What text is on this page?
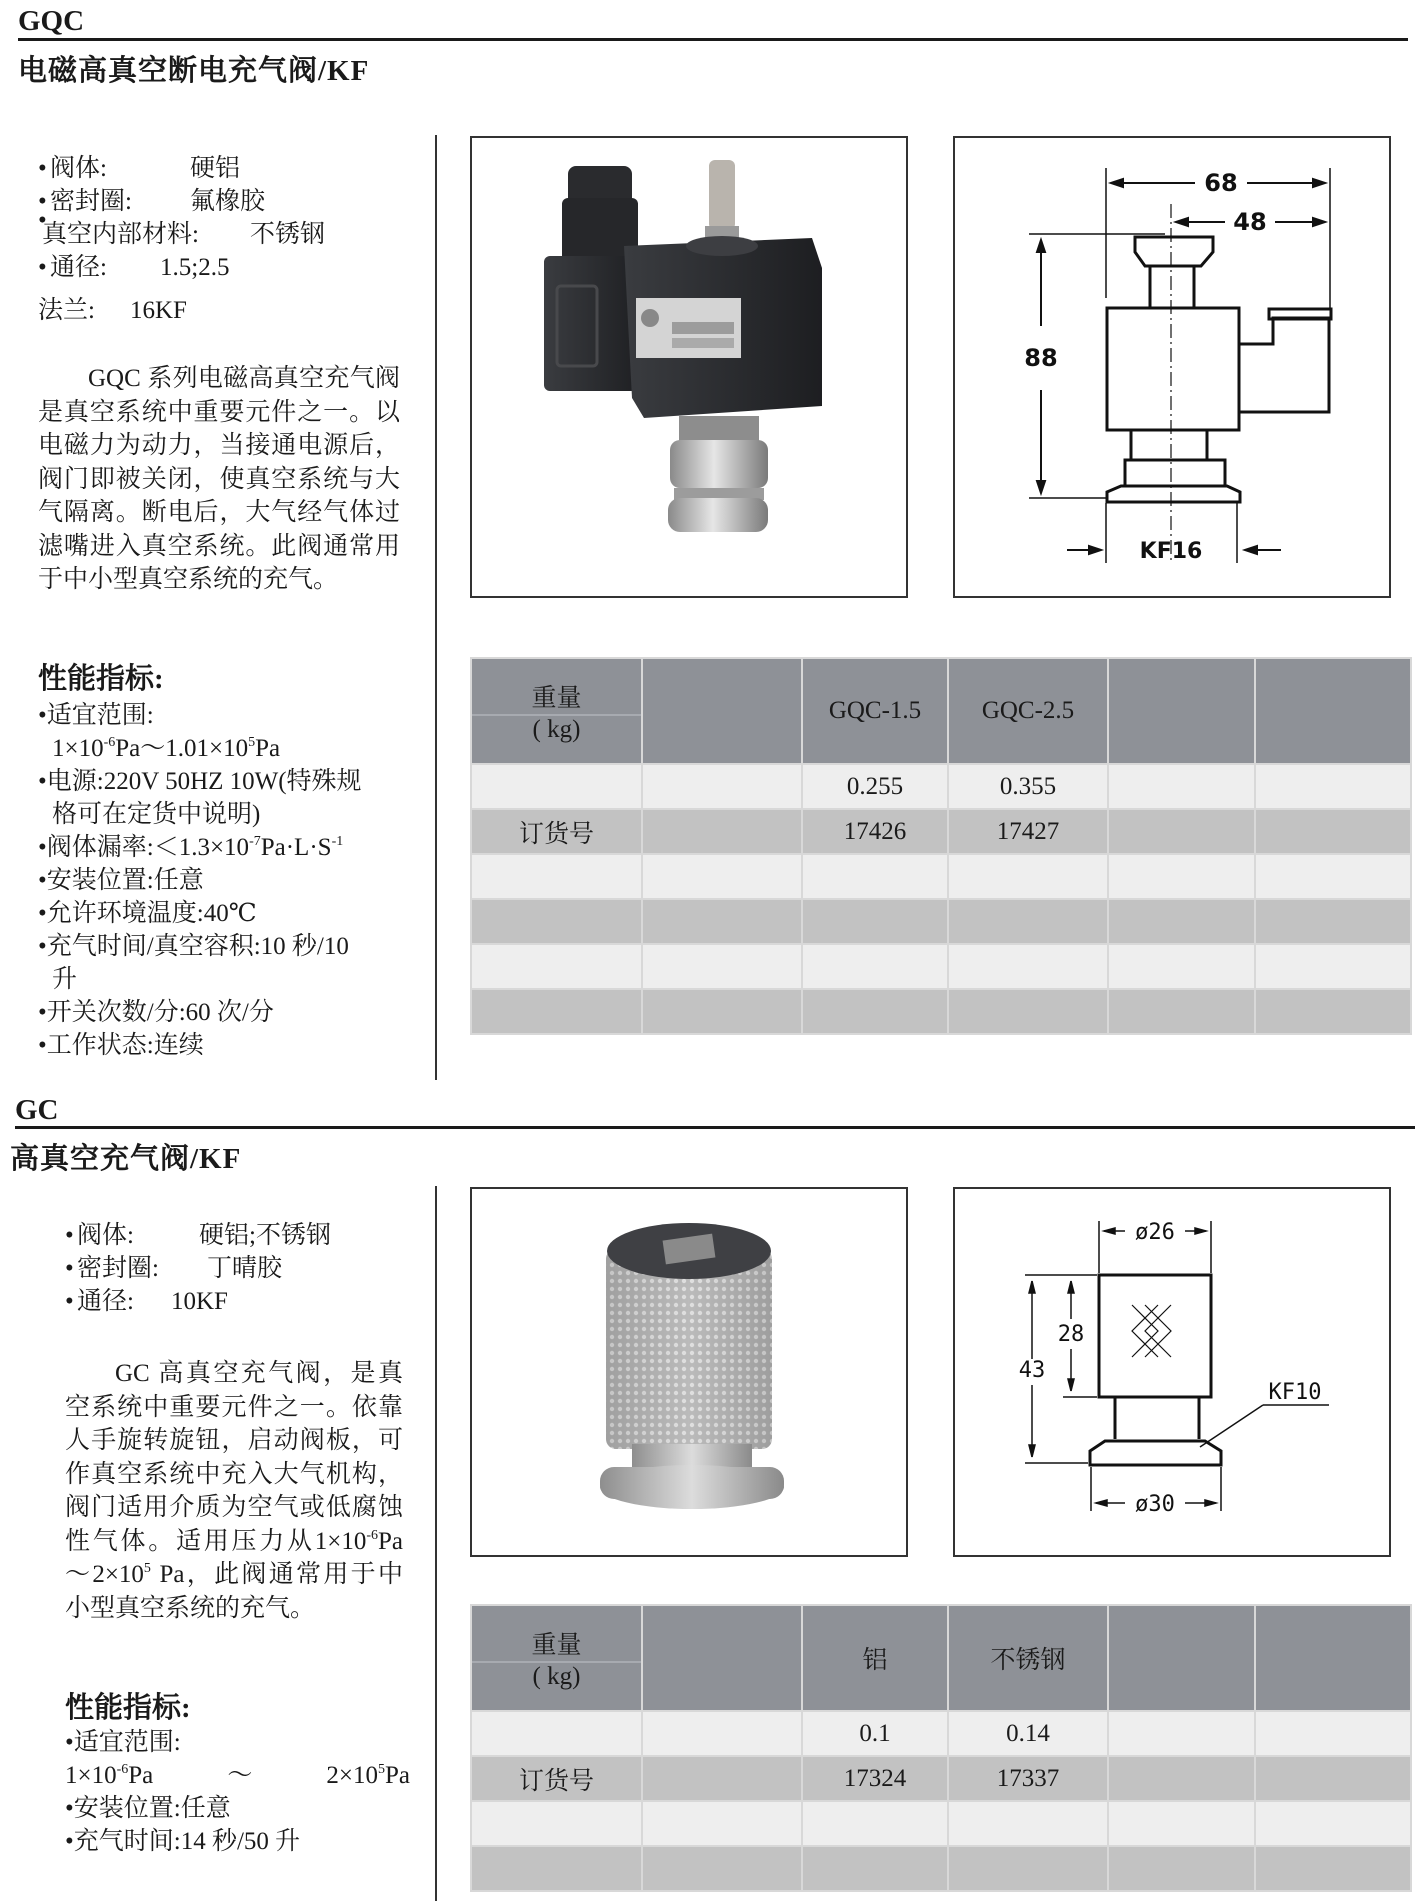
GQC
电磁高真空断电充气阀/KF
• 阀体:	硬铝
• 密封圈: 氟橡胶
•
真空内部材料: 不锈钢
• 通径: 1.5;2.5
法兰: 16KF
GQC 系列电磁高真空充气阀是真空系统中重要元件之一。以电磁力为动力，当接通电源后，阀门即被关闭，使真空系统与大气隔离。断电后，大气经气体过滤嘴进入真空系统。此阀通常用于中小型真空系统的充气。
性能指标:
•适宜范围:
$1\times 10^{-6}Pa\sim 1.01\times 10^5Pa$
•电源:220V 50HZ 10W(特殊规
格可在定货中说明)
•阀体漏率$:<1.3\times 10^{-7}Pa\cdot L\cdot S^{-1}$
•安装位置:任意
•允许环境温度:40℃
•充气时间/真空容积:10 秒/10
升
•开关次数/分:60 次/分
•工作状态:连续
68
48
88
KF16
重量
( kg)		GQC-1.5	GQC-2.5		
		0.255	0.355		
订货号		17426	17427		

GC
高真空充气阀/KF
• 阀体:	硬铝;不锈钢
• 密封圈: 丁晴胶
• 通径: 10KF
GC 高真空充气阀，是真空系统中重要元件之一。依靠人手旋转旋钮，启动阀板，可作真空系统中充入大气机构，阀门适用介质为空气或低腐蚀性气体。适用压力从$1\times 10^{-6}Pa$ $\sim 2\times 10^5$ Pa，此阀通常用于中小型真空系统的充气。
性能指标:
•适宜范围:
$1\times 10^{-6}Pa$	～	$2\times 10^5Pa$
•安装位置:任意
•充气时间:14 秒/50 升
ø26
28
43
KF10
ø30
重量
( kg)		铝	不锈钢		
		0.1	0.14		
订货号		17324	17337		
